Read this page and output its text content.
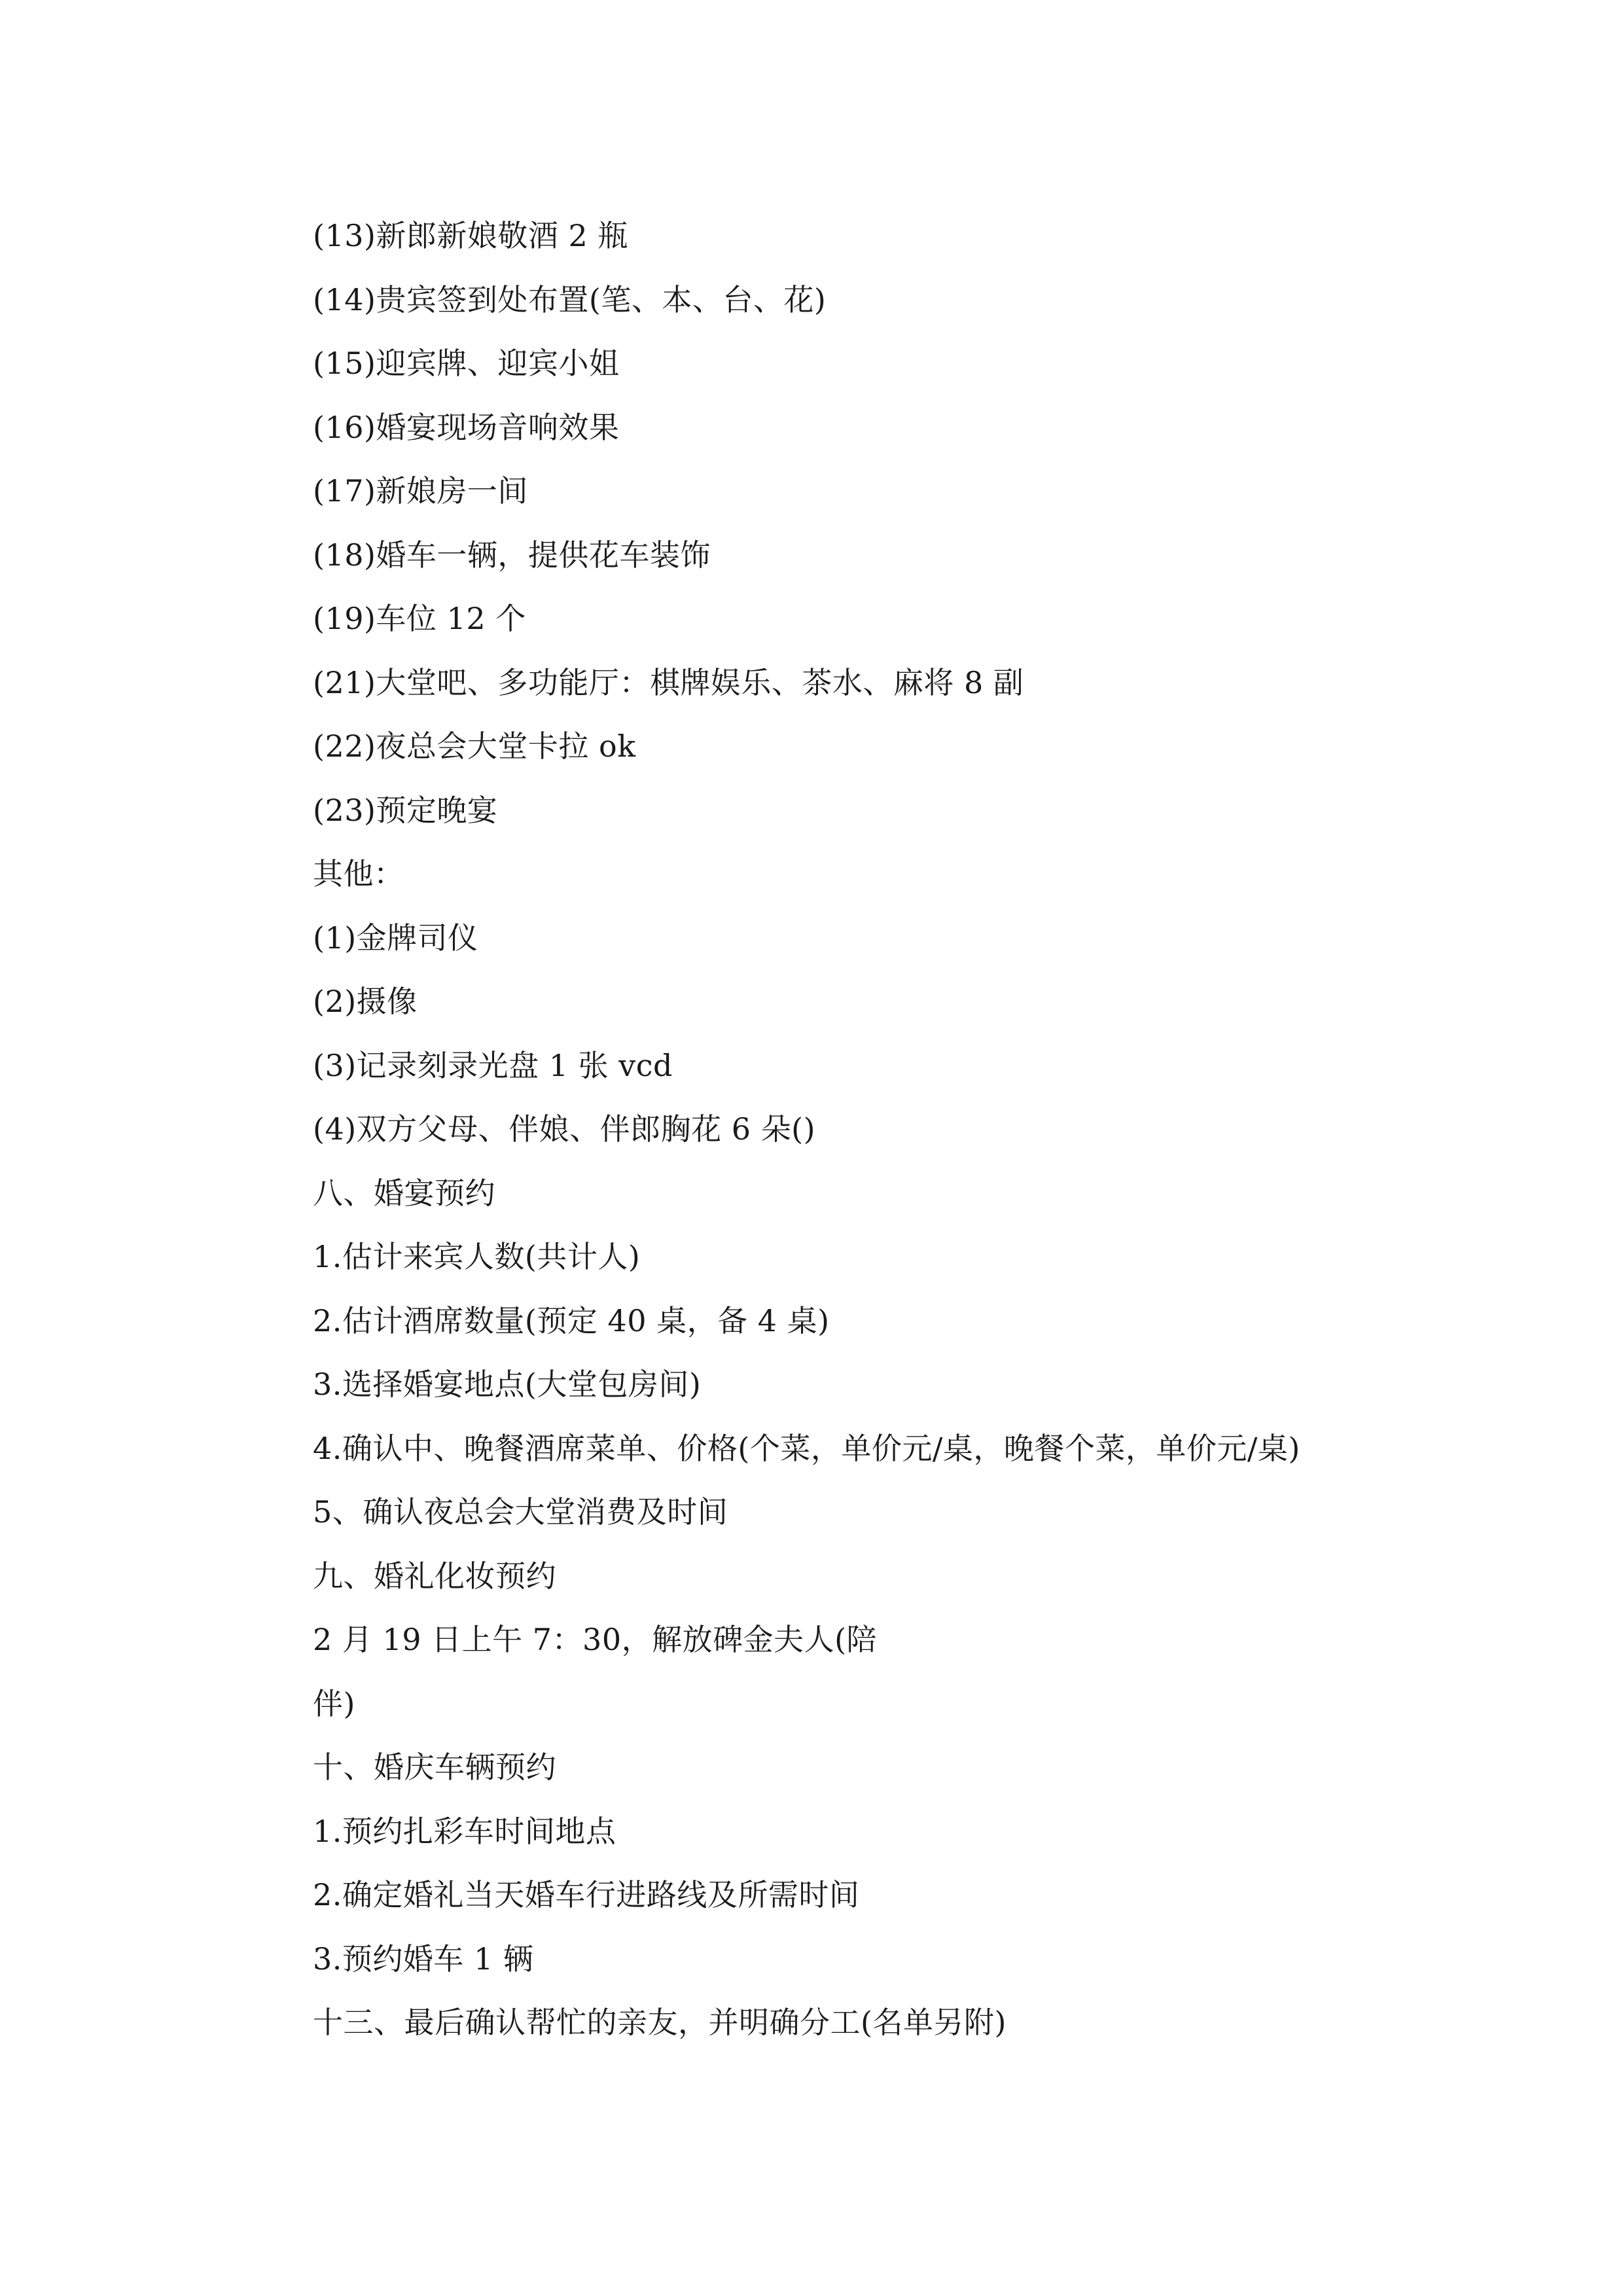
(13)新郎新娘敬酒 2 瓶
(14)贵宾签到处布置(笔、本、台、花)
(15)迎宾牌、迎宾小姐
(16)婚宴现场音响效果
(17)新娘房一间
(18)婚车一辆，提供花车装饰
(19)车位 12 个
(21)大堂吧、多功能厅：棋牌娱乐、茶水、麻将 8 副
(22)夜总会大堂卡拉 ok
(23)预定晚宴
其他：
(1)金牌司仪
(2)摄像
(3)记录刻录光盘 1 张 vcd
(4)双方父母、伴娘、伴郎胸花 6 朵()
八、婚宴预约
1.估计来宾人数(共计人)
2.估计酒席数量(预定 40 桌，备 4 桌)
3.选择婚宴地点(大堂包房间)
4.确认中、晚餐酒席菜单、价格(个菜，单价元/桌，晚餐个菜，单价元/桌)
5、确认夜总会大堂消费及时间
九、婚礼化妆预约
2 月 19 日上午 7：30，解放碑金夫人(陪
伴)
十、婚庆车辆预约
1.预约扎彩车时间地点
2.确定婚礼当天婚车行进路线及所需时间
3.预约婚车 1 辆
十三、最后确认帮忙的亲友，并明确分工(名单另附)
